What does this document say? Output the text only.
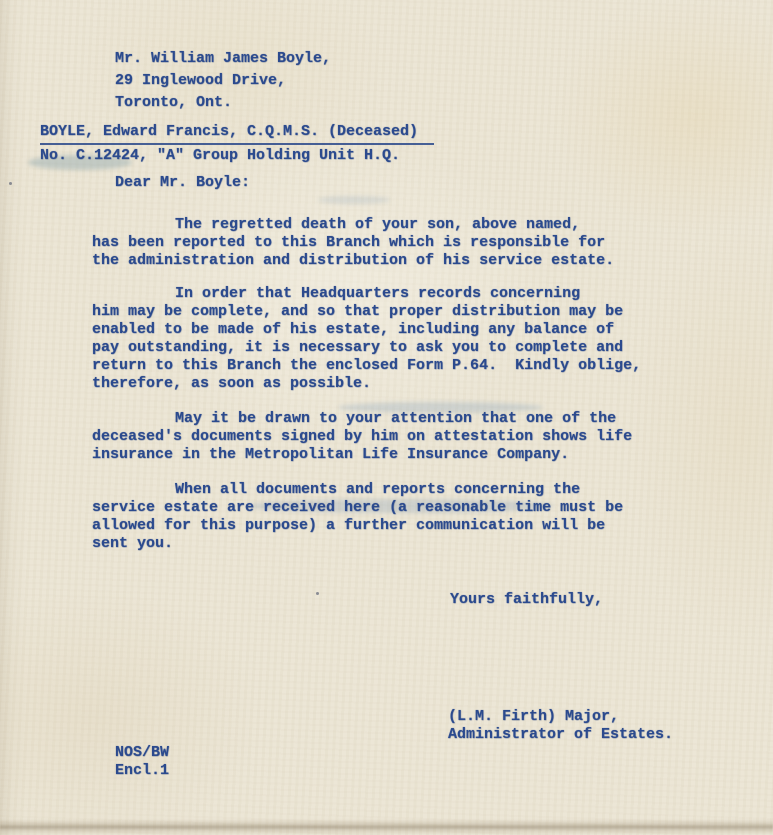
Mr. William James Boyle,
29 Inglewood Drive,
Toronto, Ont.
BOYLE, Edward Francis, C.Q.M.S. (Deceased)
No. C.12424, "A" Group Holding Unit H.Q.
Dear Mr. Boyle:
The regretted death of your son, above named,
has been reported to this Branch which is responsible for
the administration and distribution of his service estate.
In order that Headquarters records concerning
him may be complete, and so that proper distribution may be
enabled to be made of his estate, including any balance of
pay outstanding, it is necessary to ask you to complete and
return to this Branch the enclosed Form P.64.  Kindly oblige,
therefore, as soon as possible.
May it be drawn to your attention that one of the
deceased's documents signed by him on attestation shows life
insurance in the Metropolitan Life Insurance Company.
When all documents and reports concerning the
service estate are received here (a reasonable time must be
allowed for this purpose) a further communication will be
sent you.
Yours faithfully,
(L.M. Firth) Major,
Administrator of Estates.
NOS/BW
Encl.1
